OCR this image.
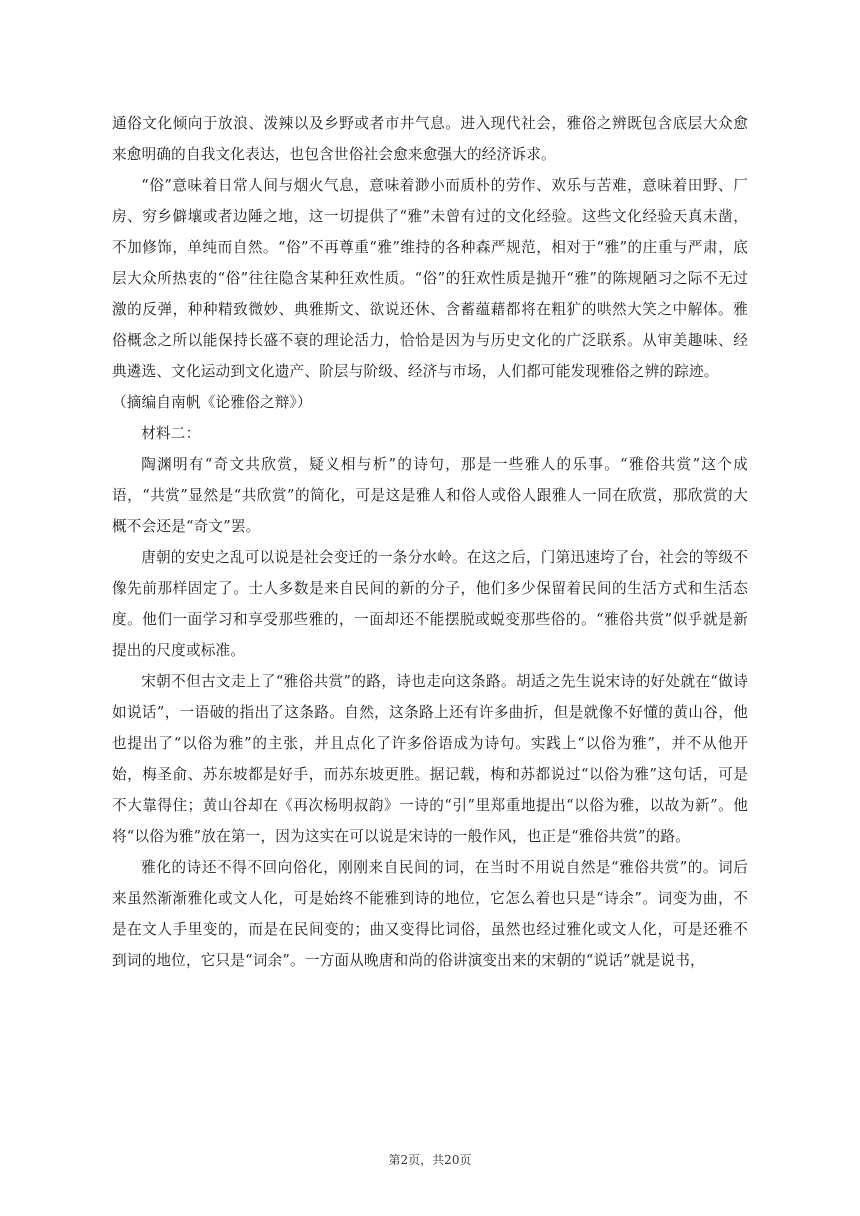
通俗文化倾向于放浪、泼辣以及乡野或者市井气息。进入现代社会，雅俗之辨既包含底层大众愈来愈明确的自我文化表达，也包含世俗社会愈来愈强大的经济诉求。

“俗”意味着日常人间与烟火气息，意味着渺小而质朴的劳作、欢乐与苦难，意味着田野、厂房、穷乡僻壤或者边陲之地，这一切提供了“雅”未曾有过的文化经验。这些文化经验天真未凿，不加修饰，单纯而自然。“俗”不再尊重“雅”维持的各种森严规范，相对于“雅”的庄重与严肃，底层大众所热衷的“俗”往往隐含某种狂欢性质。“俗”的狂欢性质是抛开“雅”的陈规陋习之际不无过激的反弹，种种精致微妙、典雅斯文、欲说还休、含蓄蕴藉都将在粗犷的哄然大笑之中解体。雅俗概念之所以能保持长盛不衰的理论活力，恰恰是因为与历史文化的广泛联系。从审美趣味、经典遴选、文化运动到文化遗产、阶层与阶级、经济与市场，人们都可能发现雅俗之辨的踪迹。

（摘编自南帆《论雅俗之辩》）

材料二：

陶渊明有“奇文共欣赏，疑义相与析”的诗句，那是一些雅人的乐事。“雅俗共赏”这个成语，“共赏”显然是“共欣赏”的简化，可是这是雅人和俗人或俗人跟雅人一同在欣赏，那欣赏的大概不会还是“奇文”罢。

唐朝的安史之乱可以说是社会变迁的一条分水岭。在这之后，门第迅速垮了台，社会的等级不像先前那样固定了。士人多数是来自民间的新的分子，他们多少保留着民间的生活方式和生活态度。他们一面学习和享受那些雅的，一面却还不能摆脱或蜕变那些俗的。“雅俗共赏”似乎就是新提出的尺度或标准。

宋朝不但古文走上了“雅俗共赏”的路，诗也走向这条路。胡适之先生说宋诗的好处就在“做诗如说话”，一语破的指出了这条路。自然，这条路上还有许多曲折，但是就像不好懂的黄山谷，他也提出了“以俗为雅”的主张，并且点化了许多俗语成为诗句。实践上“以俗为雅”，并不从他开始，梅圣俞、苏东坡都是好手，而苏东坡更胜。据记载，梅和苏都说过“以俗为雅”这句话，可是不大靠得住；黄山谷却在《再次杨明叔韵》一诗的“引”里郑重地提出“以俗为雅，以故为新”。他将“以俗为雅”放在第一，因为这实在可以说是宋诗的一般作风，也正是“雅俗共赏”的路。

雅化的诗还不得不回向俗化，刚刚来自民间的词，在当时不用说自然是“雅俗共赏”的。词后来虽然渐渐雅化或文人化，可是始终不能雅到诗的地位，它怎么着也只是“诗余”。词变为曲，不是在文人手里变的，而是在民间变的；曲又变得比词俗，虽然也经过雅化或文人化，可是还雅不到词的地位，它只是“词余”。一方面从晚唐和尚的俗讲演变出来的宋朝的“说话”就是说书，

第2页，共20页
